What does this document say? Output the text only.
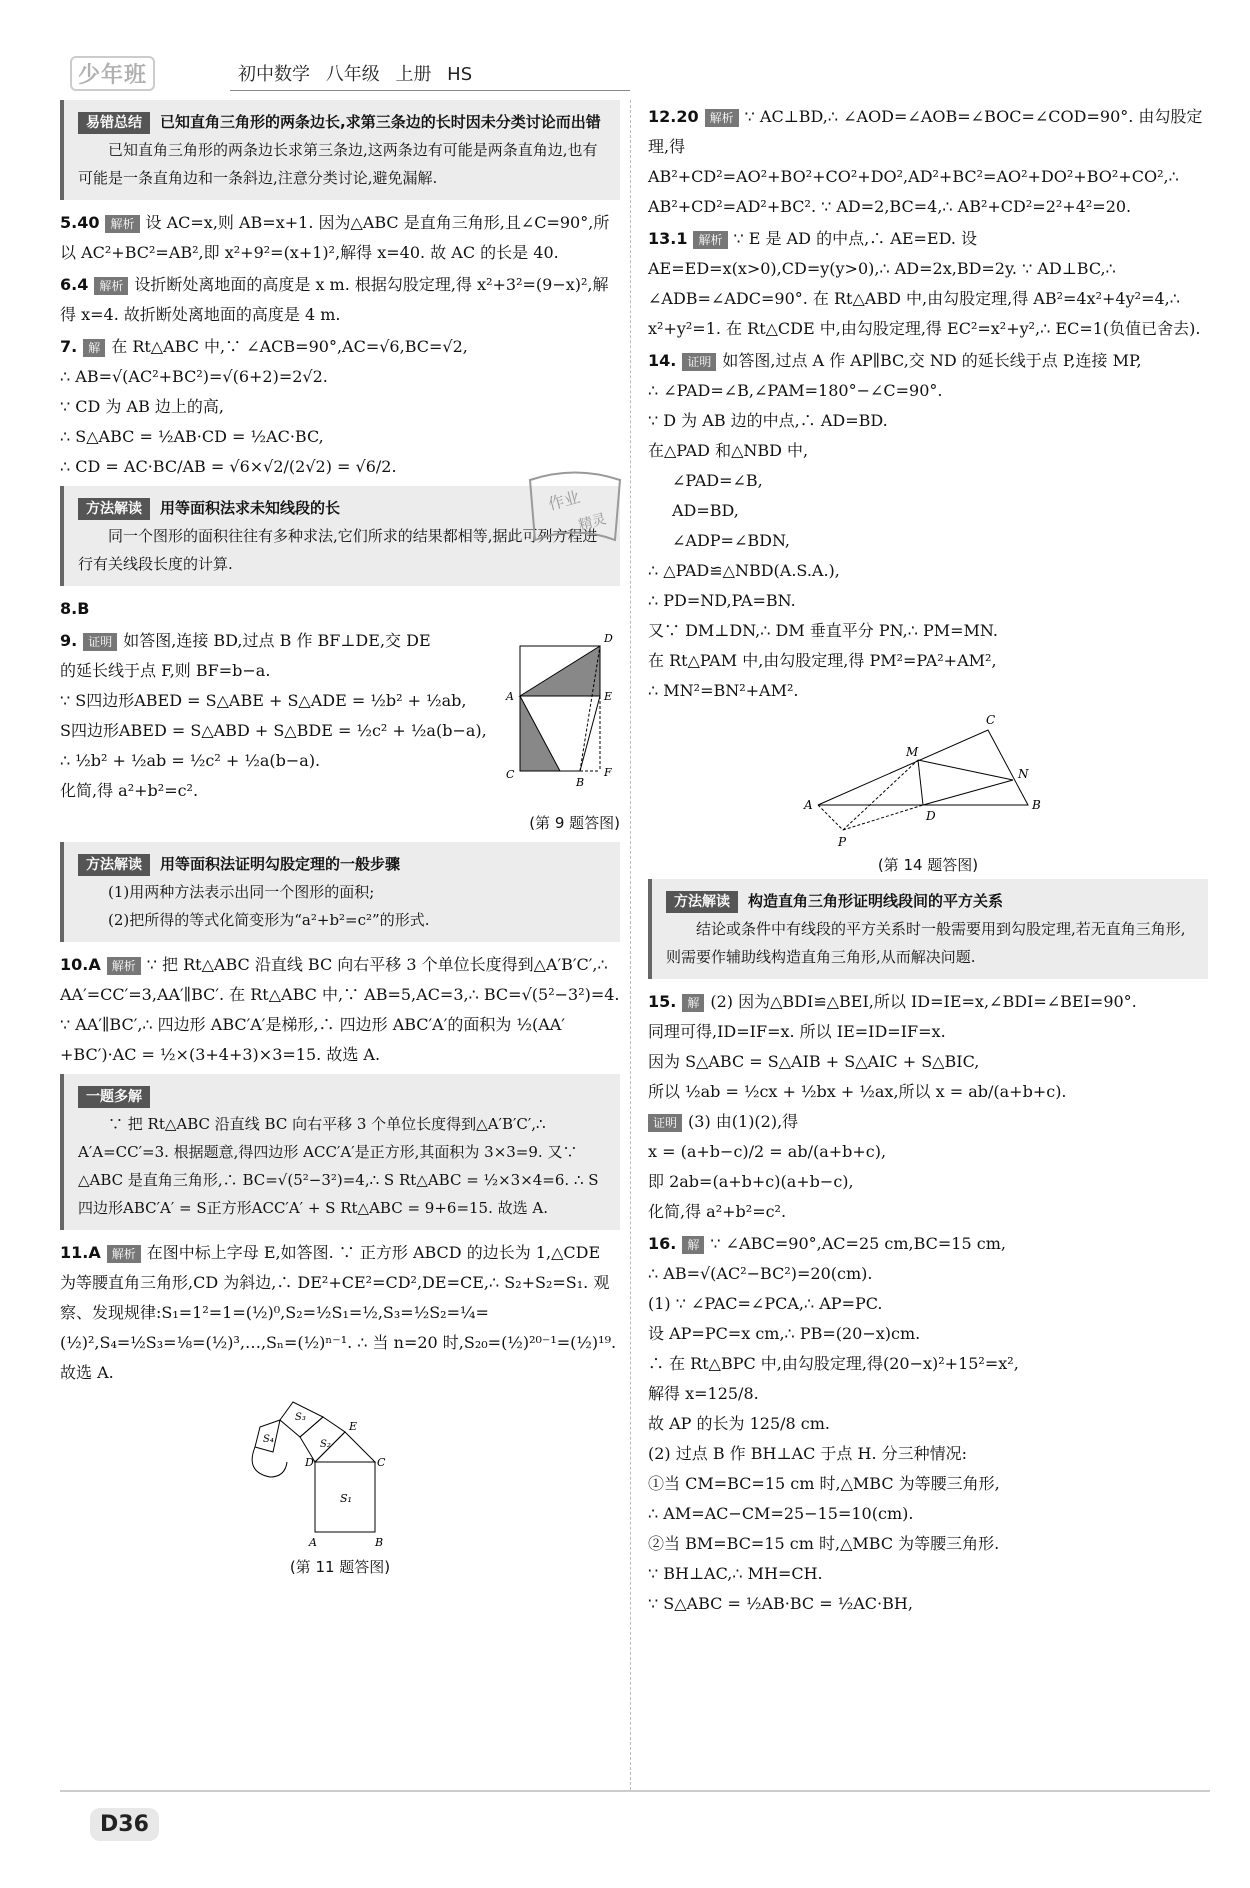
少年班	初中数学 八年级 上册 HS
易错总结 已知直角三角形的两条边长,求第三条边的长时因未分类讨论而出错
已知直角三角形的两条边长求第三条边,这两条边有可能是两条直角边,也有可能是一条直角边和一条斜边,注意分类讨论,避免漏解.
5.40 解析 设 AC=x,则 AB=x+1. 因为△ABC 是直角三角形,且∠C=90°,所以 AC²+BC²=AB²,即 x²+9²=(x+1)²,解得 x=40. 故 AC 的长是 40.
6.4 解析 设折断处离地面的高度是 x m. 根据勾股定理,得 x²+3²=(9−x)²,解得 x=4. 故折断处离地面的高度是 4 m.

7. 解 在 Rt△ABC 中,∵ ∠ACB=90°,AC=√6,BC=√2,

∴ AB=√(AC²+BC²)=√(6+2)=2√2.

∵ CD 为 AB 边上的高,

∴ S△ABC = ½AB·CD = ½AC·BC,

∴ CD = AC·BC/AB = √6×√2/(2√2) = √6/2.

方法解读 用等面积法求未知线段的长
同一个图形的面积往往有多种求法,它们所求的结果都相等,据此可列方程进行有关线段长度的计算.
8.B
D
A	E
C
B
F

9. 证明 如答图,连接 BD,过点 B 作 BF⊥DE,交 DE

的延长线于点 F,则 BF=b−a.

∵ S四边形ABED = S△ABE + S△ADE = ½b² + ½ab,

S四边形ABED = S△ABD + S△BDE = ½c² + ½a(b−a),

∴ ½b² + ½ab = ½c² + ½a(b−a).

化简,得 a²+b²=c².

(第 9 题答图)
方法解读 用等面积法证明勾股定理的一般步骤
(1)用两种方法表示出同一个图形的面积;
(2)把所得的等式化简变形为“a²+b²=c²”的形式.
10.A 解析 ∵ 把 Rt△ABC 沿直线 BC 向右平移 3 个单位长度得到△A′B′C′,∴ AA′=CC′=3,AA′∥BC′. 在 Rt△ABC 中,∵ AB=5,AC=3,∴ BC=√(5²−3²)=4. ∵ AA′∥BC′,∴ 四边形 ABC′A′是梯形,∴ 四边形 ABC′A′的面积为 ½(AA′+BC′)·AC = ½×(3+4+3)×3=15. 故选 A.
一题多解
∵ 把 Rt△ABC 沿直线 BC 向右平移 3 个单位长度得到△A′B′C′,∴ A′A=CC′=3. 根据题意,得四边形 ACC′A′是正方形,其面积为 3×3=9. 又∵ △ABC 是直角三角形,∴ BC=√(5²−3²)=4,∴ S Rt△ABC = ½×3×4=6. ∴ S四边形ABC′A′ = S正方形ACC′A′ + S Rt△ABC = 9+6=15. 故选 A.
11.A 解析 在图中标上字母 E,如答图. ∵ 正方形 ABCD 的边长为 1,△CDE 为等腰直角三角形,CD 为斜边,∴ DE²+CE²=CD²,DE=CE,∴ S₂+S₂=S₁. 观察、发现规律:S₁=1²=1=(½)⁰,S₂=½S₁=½,S₃=½S₂=¼=(½)²,S₄=½S₃=⅛=(½)³,…,Sₙ=(½)ⁿ⁻¹. ∴ 当 n=20 时,S₂₀=(½)²⁰⁻¹=(½)¹⁹. 故选 A.
A	B
D	C
E
S₁
S₂
S₃
S₄
(第 11 题答图)
作业
精灵
12.20 解析 ∵ AC⊥BD,∴ ∠AOD=∠AOB=∠BOC=∠COD=90°. 由勾股定理,得 AB²+CD²=AO²+BO²+CO²+DO²,AD²+BC²=AO²+DO²+BO²+CO²,∴ AB²+CD²=AD²+BC². ∵ AD=2,BC=4,∴ AB²+CD²=2²+4²=20.
13.1 解析 ∵ E 是 AD 的中点,∴ AE=ED. 设 AE=ED=x(x>0),CD=y(y>0),∴ AD=2x,BD=2y. ∵ AD⊥BC,∴ ∠ADB=∠ADC=90°. 在 Rt△ABD 中,由勾股定理,得 AB²=4x²+4y²=4,∴ x²+y²=1. 在 Rt△CDE 中,由勾股定理,得 EC²=x²+y²,∴ EC=1(负值已舍去).

14. 证明 如答图,过点 A 作 AP∥BC,交 ND 的延长线于点 P,连接 MP,

∴ ∠PAD=∠B,∠PAM=180°−∠C=90°.

∵ D 为 AB 边的中点,∴ AD=BD.

在△PAD 和△NBD 中,

∠PAD=∠B,

AD=BD,

∠ADP=∠BDN,

∴ △PAD≌△NBD(A.S.A.),

∴ PD=ND,PA=BN.

又∵ DM⊥DN,∴ DM 垂直平分 PN,∴ PM=MN.

在 Rt△PAM 中,由勾股定理,得 PM²=PA²+AM²,

∴ MN²=BN²+AM².

A	B
C
M
N
D
P
(第 14 题答图)
方法解读 构造直角三角形证明线段间的平方关系
结论或条件中有线段的平方关系时一般需要用到勾股定理,若无直角三角形,则需要作辅助线构造直角三角形,从而解决问题.

15. 解 (2) 因为△BDI≌△BEI,所以 ID=IE=x,∠BDI=∠BEI=90°.

同理可得,ID=IF=x. 所以 IE=ID=IF=x.

因为 S△ABC = S△AIB + S△AIC + S△BIC,

所以 ½ab = ½cx + ½bx + ½ax,所以 x = ab/(a+b+c).

证明 (3) 由(1)(2),得

x = (a+b−c)/2 = ab/(a+b+c),

即 2ab=(a+b+c)(a+b−c),

化简,得 a²+b²=c².

16. 解 ∵ ∠ABC=90°,AC=25 cm,BC=15 cm,

∴ AB=√(AC²−BC²)=20(cm).

(1) ∵ ∠PAC=∠PCA,∴ AP=PC.

设 AP=PC=x cm,∴ PB=(20−x)cm.

∴ 在 Rt△BPC 中,由勾股定理,得(20−x)²+15²=x²,

解得 x=125/8.

故 AP 的长为 125/8 cm.

(2) 过点 B 作 BH⊥AC 于点 H. 分三种情况:

①当 CM=BC=15 cm 时,△MBC 为等腰三角形,

∴ AM=AC−CM=25−15=10(cm).

②当 BM=BC=15 cm 时,△MBC 为等腰三角形.

∵ BH⊥AC,∴ MH=CH.

∵ S△ABC = ½AB·BC = ½AC·BH,

D36
